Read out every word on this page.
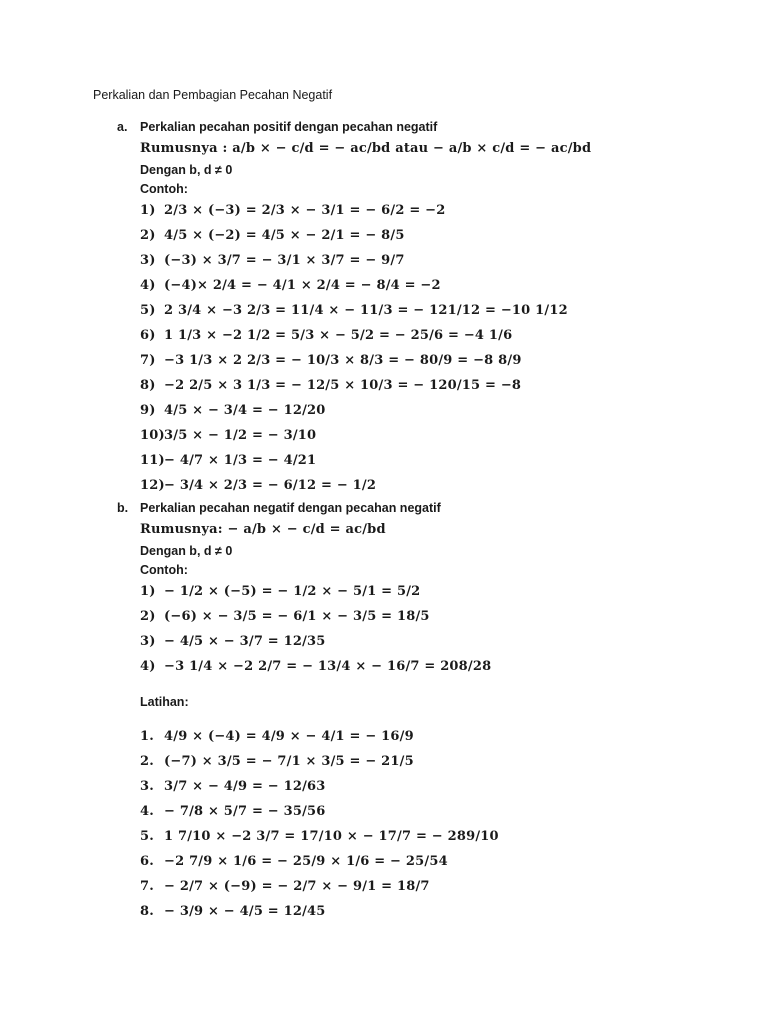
Perkalian dan Pembagian Pecahan Negatif
a. Perkalian pecahan positif dengan pecahan negatif
Rumusnya : a/b × − c/d = − ac/bd atau − a/b × c/d = − ac/bd
Dengan b, d ≠ 0
Contoh:
1) 2/3 × (−3) = 2/3 × − 3/1 = − 6/2 = −2
2) 4/5 × (−2) = 4/5 × − 2/1 = − 8/5
3) (−3) × 3/7 = − 3/1 × 3/7 = − 9/7
4) (−4)× 2/4 = − 4/1 × 2/4 = − 8/4 = −2
5) 2 3/4 × −3 2/3 = 11/4 × − 11/3 = − 121/12 = −10 1/12
6) 1 1/3 × −2 1/2 = 5/3 × − 5/2 = − 25/6 = −4 1/6
7) −3 1/3 × 2 2/3 = − 10/3 × 8/3 = − 80/9 = −8 8/9
8) −2 2/5 × 3 1/3 = − 12/5 × 10/3 = − 120/15 = −8
9) 4/5 × − 3/4 = − 12/20
10)3/5 × − 1/2 = − 3/10
11)− 4/7 × 1/3 = − 4/21
12)− 3/4 × 2/3 = − 6/12 = − 1/2
b. Perkalian pecahan negatif dengan pecahan negatif
Rumusnya: − a/b × − c/d = ac/bd
Dengan b, d ≠ 0
Contoh:
1) − 1/2 × (−5) = − 1/2 × − 5/1 = 5/2
2) (−6) × − 3/5 = − 6/1 × − 3/5 = 18/5
3) − 4/5 × − 3/7 = 12/35
4) −3 1/4 × −2 2/7 = − 13/4 × − 16/7 = 208/28
Latihan:
1. 4/9 × (−4) = 4/9 × − 4/1 = − 16/9
2. (−7) × 3/5 = − 7/1 × 3/5 = − 21/5
3. 3/7 × − 4/9 = − 12/63
4. − 7/8 × 5/7 = − 35/56
5. 1 7/10 × −2 3/7 = 17/10 × − 17/7 = − 289/10
6. −2 7/9 × 1/6 = − 25/9 × 1/6 = − 25/54
7. − 2/7 × (−9) = − 2/7 × − 9/1 = 18/7
8. − 3/9 × − 4/5 = 12/45
